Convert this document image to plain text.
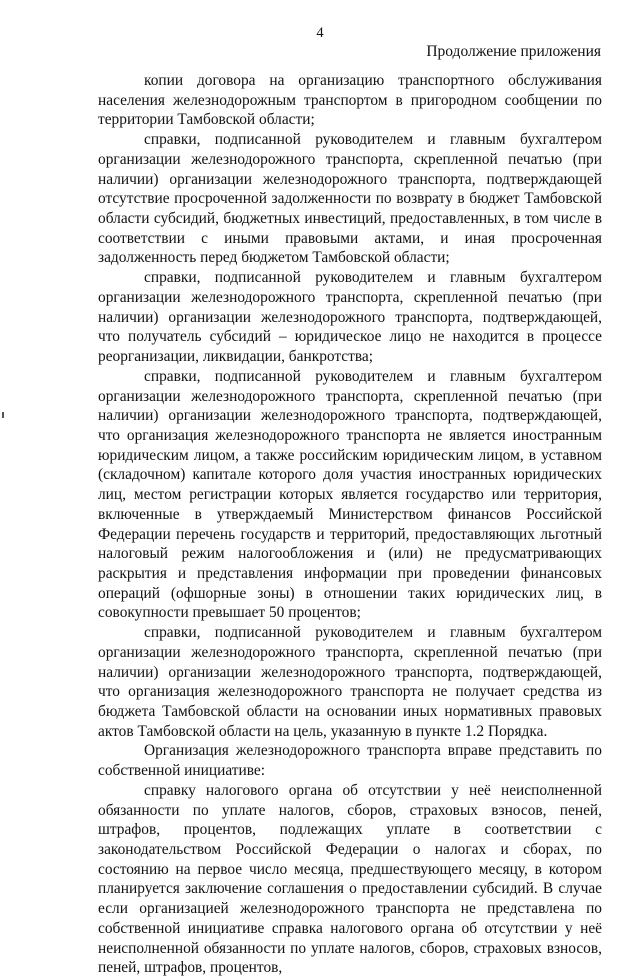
4
Продолжение приложения

копии договора на организацию транспортного обслуживания населения железнодорожным транспортом в пригородном сообщении по территории Тамбовской области;

справки, подписанной руководителем и главным бухгалтером организации железнодорожного транспорта, скрепленной печатью (при наличии) организации железнодорожного транспорта, подтверждающей отсутствие просроченной задолженности по возврату в бюджет Тамбовской области субсидий, бюджетных инвестиций, предоставленных, в том числе в соответствии с иными правовыми актами, и иная просроченная задолженность перед бюджетом Тамбовской области;

справки, подписанной руководителем и главным бухгалтером организации железнодорожного транспорта, скрепленной печатью (при наличии) организации железнодорожного транспорта, подтверждающей, что получатель субсидий – юридическое лицо не находится в процессе реорганизации, ликвидации, банкротства;

справки, подписанной руководителем и главным бухгалтером организации железнодорожного транспорта, скрепленной печатью (при наличии) организации железнодорожного транспорта, подтверждающей, что организация железнодорожного транспорта не является иностранным юридическим лицом, а также российским юридическим лицом, в уставном (складочном) капитале которого доля участия иностранных юридических лиц, местом регистрации которых является государство или территория, включенные в утверждаемый Министерством финансов Российской Федерации перечень государств и территорий, предоставляющих льготный налоговый режим налогообложения и (или) не предусматривающих раскрытия и представления информации при проведении финансовых операций (офшорные зоны) в отношении таких юридических лиц, в совокупности превышает 50 процентов;

справки, подписанной руководителем и главным бухгалтером организации железнодорожного транспорта, скрепленной печатью (при наличии) организации железнодорожного транспорта, подтверждающей, что организация железнодорожного транспорта не получает средства из бюджета Тамбовской области на основании иных нормативных правовых актов Тамбовской области на цель, указанную в пункте 1.2 Порядка.

Организация железнодорожного транспорта вправе представить по собственной инициативе:

справку налогового органа об отсутствии у неё неисполненной обязанности по уплате налогов, сборов, страховых взносов, пеней, штрафов, процентов, подлежащих уплате в соответствии с законодательством Российской Федерации о налогах и сборах, по состоянию на первое число месяца, предшествующего месяцу, в котором планируется заключение соглашения о предоставлении субсидий. В случае если организацией железнодорожного транспорта не представлена по собственной инициативе справка налогового органа об отсутствии у неё неисполненной обязанности по уплате налогов, сборов, страховых взносов, пеней, штрафов, процентов,
